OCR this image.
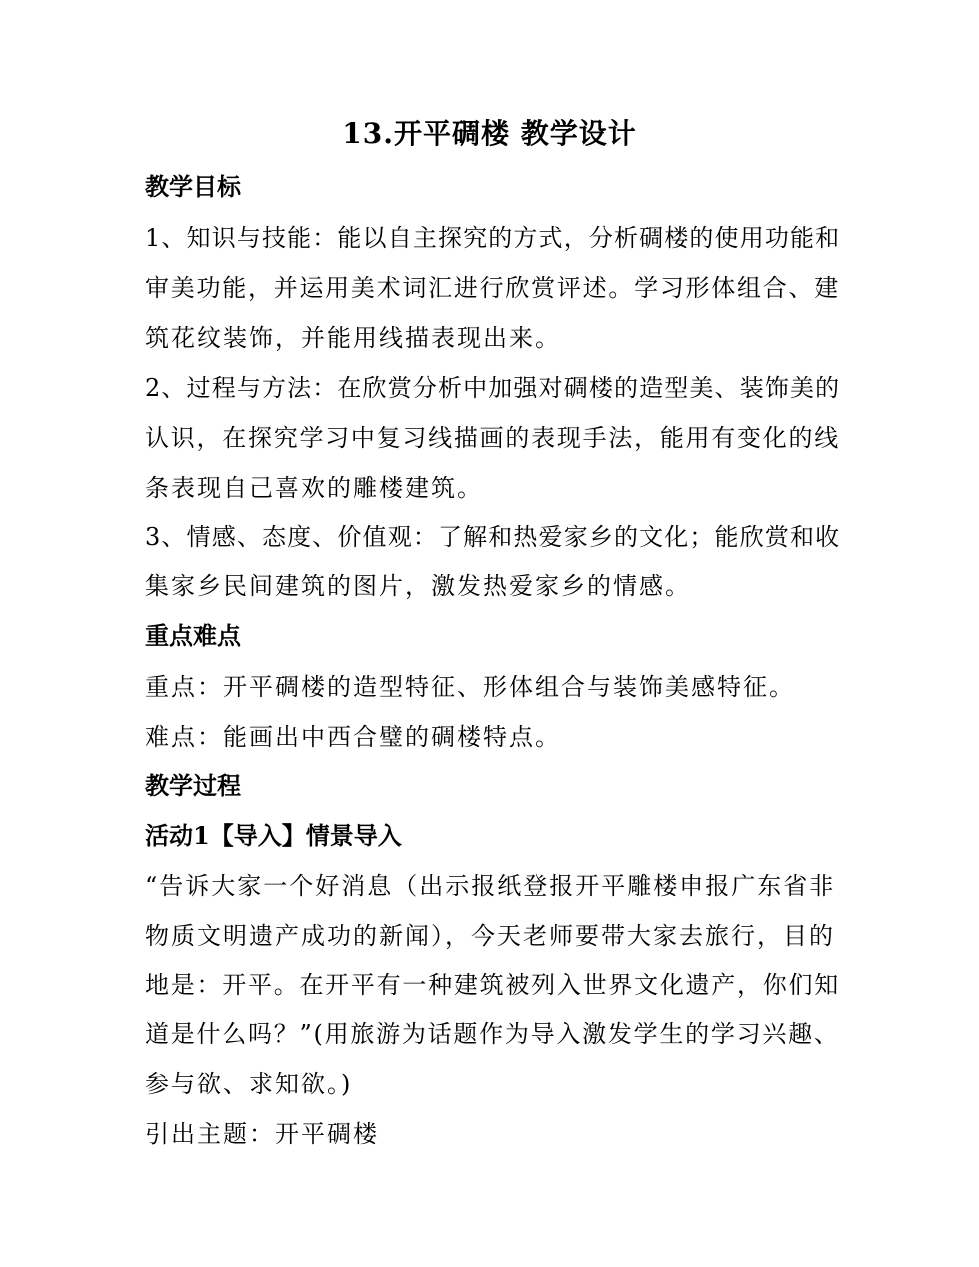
13.开平碉楼 教学设计
教学目标
1、知识与技能：能以自主探究的方式，分析碉楼的使用功能和
审美功能，并运用美术词汇进行欣赏评述。学习形体组合、建
筑花纹装饰，并能用线描表现出来。
2、过程与方法：在欣赏分析中加强对碉楼的造型美、装饰美的
认识，在探究学习中复习线描画的表现手法，能用有变化的线
条表现自己喜欢的雕楼建筑。
3、情感、态度、价值观：了解和热爱家乡的文化；能欣赏和收
集家乡民间建筑的图片，激发热爱家乡的情感。
重点难点
重点：开平碉楼的造型特征、形体组合与装饰美感特征。
难点：能画出中西合璧的碉楼特点。
教学过程
活动1【导入】情景导入
“告诉大家一个好消息（出示报纸登报开平雕楼申报广东省非
物质文明遗产成功的新闻），今天老师要带大家去旅行，目的
地是：开平。在开平有一种建筑被列入世界文化遗产，你们知
道是什么吗？”(用旅游为话题作为导入激发学生的学习兴趣、
参与欲、求知欲。)
引出主题：开平碉楼
